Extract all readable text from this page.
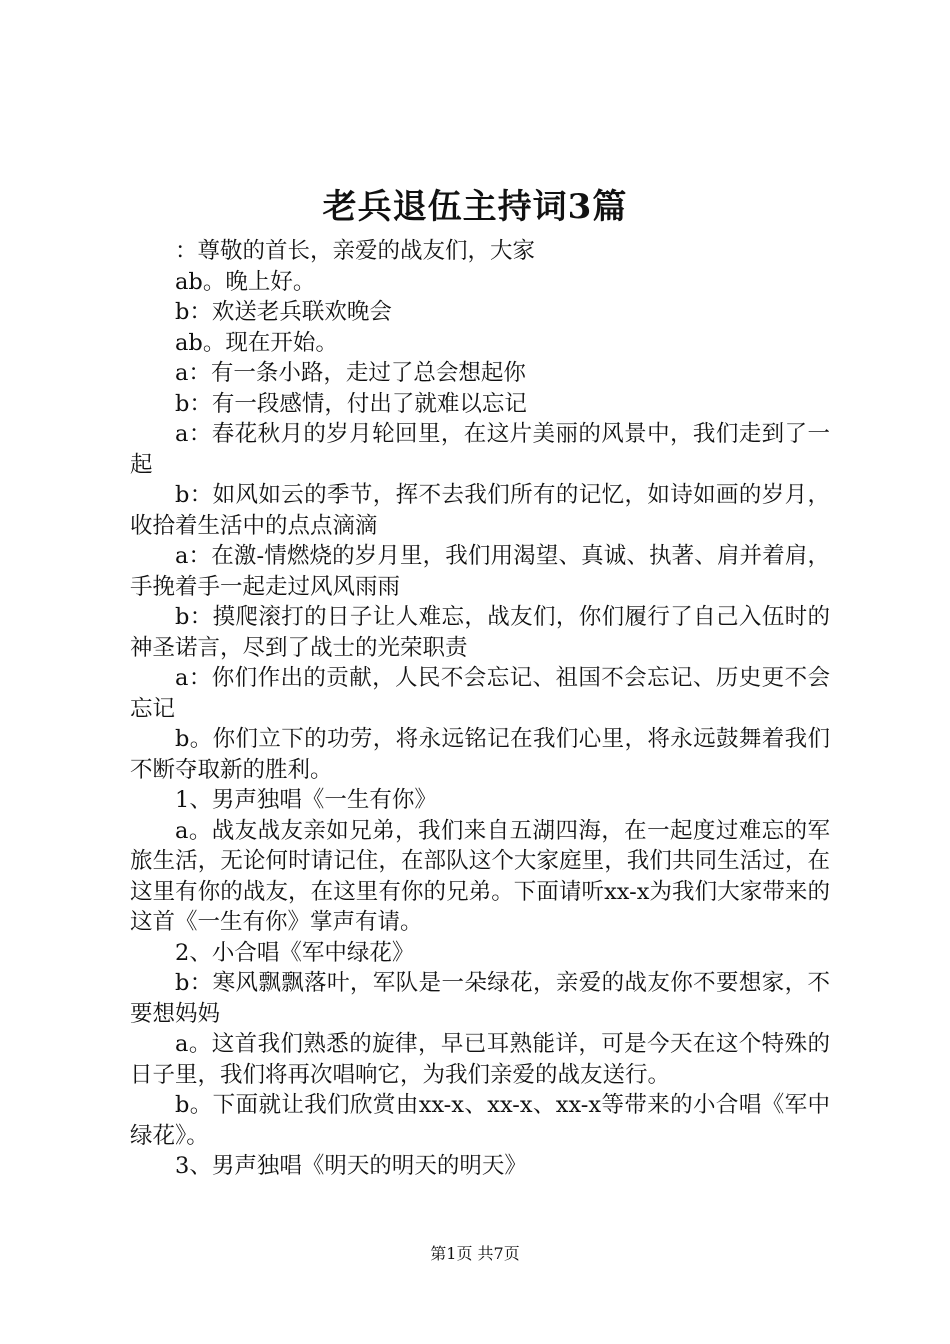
老兵退伍主持词3篇

：尊敬的首长，亲爱的战友们，大家

ab。晚上好。

b：欢送老兵联欢晚会

ab。现在开始。

a：有一条小路，走过了总会想起你

b：有一段感情，付出了就难以忘记

a：春花秋月的岁月轮回里，在这片美丽的风景中，我们走到了一起

b：如风如云的季节，挥不去我们所有的记忆，如诗如画的岁月，收拾着生活中的点点滴滴

a：在激-情燃烧的岁月里，我们用渴望、真诚、执著、肩并着肩，手挽着手一起走过风风雨雨

b：摸爬滚打的日子让人难忘，战友们，你们履行了自己入伍时的神圣诺言，尽到了战士的光荣职责

a：你们作出的贡献，人民不会忘记、祖国不会忘记、历史更不会忘记

b。你们立下的功劳，将永远铭记在我们心里，将永远鼓舞着我们不断夺取新的胜利。

1、男声独唱《一生有你》

a。战友战友亲如兄弟，我们来自五湖四海，在一起度过难忘的军旅生活，无论何时请记住，在部队这个大家庭里，我们共同生活过，在这里有你的战友，在这里有你的兄弟。下面请听xx-x为我们大家带来的这首《一生有你》掌声有请。

2、小合唱《军中绿花》

b：寒风飘飘落叶，军队是一朵绿花，亲爱的战友你不要想家，不要想妈妈

a。这首我们熟悉的旋律，早已耳熟能详，可是今天在这个特殊的日子里，我们将再次唱响它，为我们亲爱的战友送行。

b。下面就让我们欣赏由xx-x、xx-x、xx-x等带来的小合唱《军中绿花》。

3、男声独唱《明天的明天的明天》

第1页 共7页
